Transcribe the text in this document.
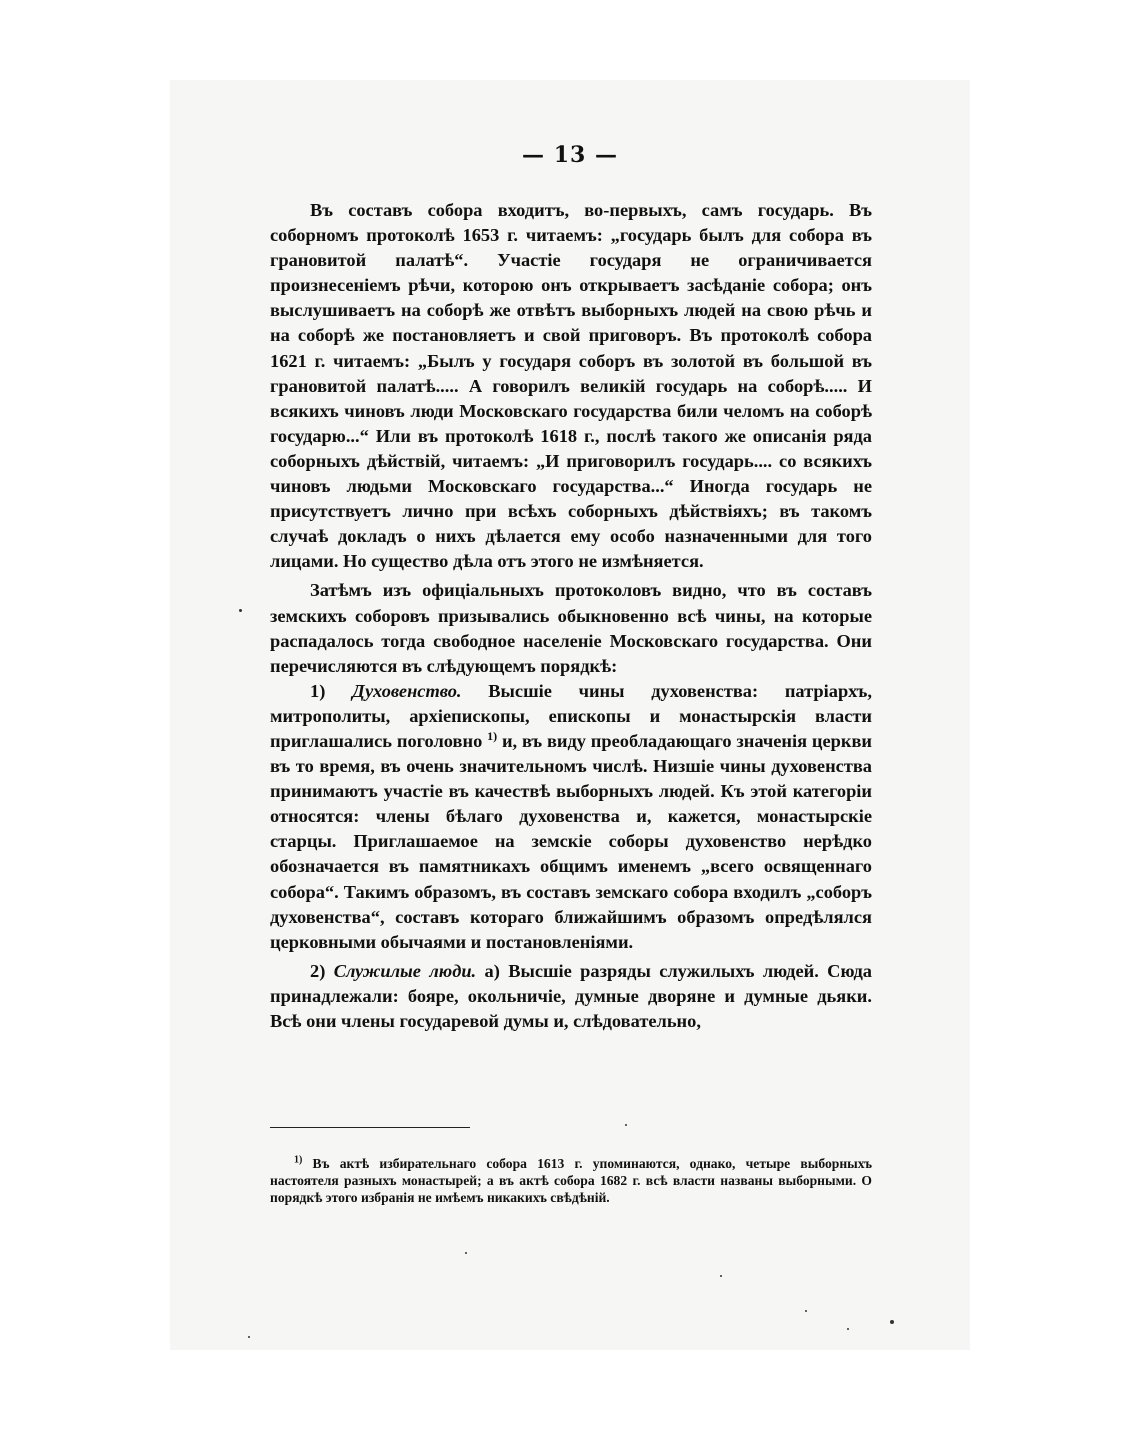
— 13 —

Въ составъ собора входитъ, во-первыхъ, самъ государь. Въ соборномъ протоколѣ 1653 г. читаемъ: „государь былъ для собора въ грановитой палатѣ“. Участіе государя не ограничивается произнесеніемъ рѣчи, которою онъ открываетъ засѣданіе собора; онъ выслушиваетъ на соборѣ же отвѣтъ выборныхъ людей на свою рѣчь и на соборѣ же постановляетъ и свой приговоръ. Въ протоколѣ собора 1621 г. читаемъ: „Былъ у государя соборъ въ золотой въ большой въ грановитой палатѣ..... А говорилъ великій государь на соборѣ..... И всякихъ чиновъ люди Московскаго государства били челомъ на соборѣ государю...“ Или въ протоколѣ 1618 г., послѣ такого же описанія ряда соборныхъ дѣйствій, читаемъ: „И приговорилъ государь.... со всякихъ чиновъ людьми Московскаго государства...“ Иногда государь не присутствуетъ лично при всѣхъ соборныхъ дѣйствіяхъ; въ такомъ случаѣ докладъ о нихъ дѣлается ему особо назначенными для того лицами. Но существо дѣла отъ этого не измѣняется.

Затѣмъ изъ офиціальныхъ протоколовъ видно, что въ составъ земскихъ соборовъ призывались обыкновенно всѣ чины, на которые распадалось тогда свободное населеніе Московскаго государства. Они перечисляются въ слѣдующемъ порядкѣ:

1) Духовенство. Высшіе чины духовенства: патріархъ, митрополиты, архіепископы, епископы и монастырскія власти приглашались поголовно $^{1)}$ и, въ виду преобладающаго значенія церкви въ то время, въ очень значительномъ числѣ. Низшіе чины духовенства принимаютъ участіе въ качествѣ выборныхъ людей. Къ этой категоріи относятся: члены бѣлаго духовенства и, кажется, монастырскіе старцы. Приглашаемое на земскіе соборы духовенство нерѣдко обозначается въ памятникахъ общимъ именемъ „всего освященнаго собора“. Такимъ образомъ, въ составъ земскаго собора входилъ „соборъ духовенства“, составъ котораго ближайшимъ образомъ опредѣлялся церковными обычаями и постановленіями.

2) Служилые люди. а) Высшіе разряды служилыхъ людей. Сюда принадлежали: бояре, окольничіе, думные дворяне и думные дьяки. Всѣ они члены государевой думы и, слѣдовательно,

$^{1)}$ Въ актѣ избирательнаго собора 1613 г. упоминаются, однако, четыре выборныхъ настоятеля разныхъ монастырей; а въ актѣ собора 1682 г. всѣ власти названы выборными. О порядкѣ этого избранія не имѣемъ никакихъ свѣдѣній.
